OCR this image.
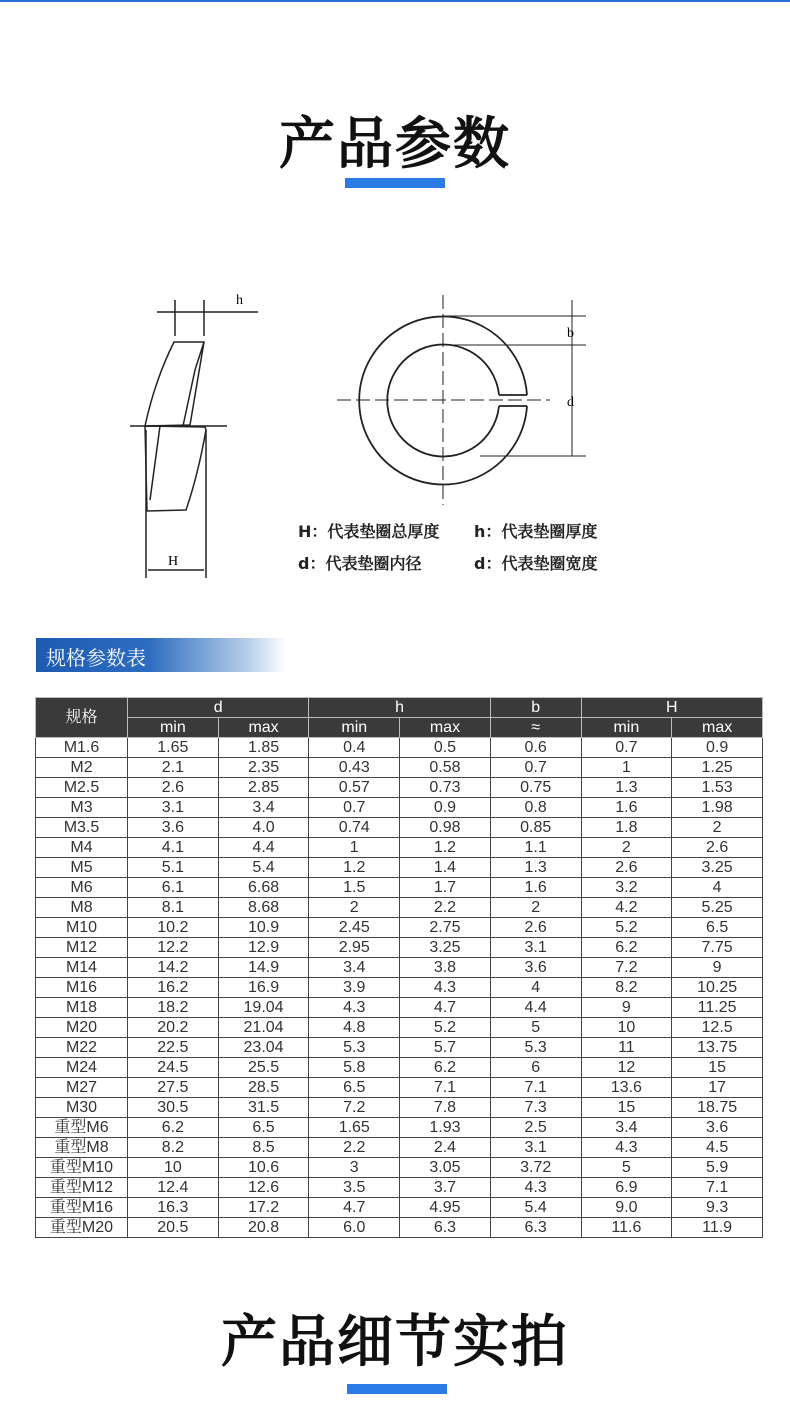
产品参数
h
H
b
d
H：代表垫圈总厚度 h：代表垫圈厚度
d：代表垫圈内径	d：代表垫圈宽度
规格参数表
规格	d		h		b	H	
	min	max	min	max	≈	min	max
M1.6	1.65	1.85	0.4	0.5	0.6	0.7	0.9
M2	2.1	2.35	0.43	0.58	0.7	1	1.25
M2.5	2.6	2.85	0.57	0.73	0.75	1.3	1.53
M3	3.1	3.4	0.7	0.9	0.8	1.6	1.98
M3.5	3.6	4.0	0.74	0.98	0.85	1.8	2
M4	4.1	4.4	1	1.2	1.1	2	2.6
M5	5.1	5.4	1.2	1.4	1.3	2.6	3.25
M6	6.1	6.68	1.5	1.7	1.6	3.2	4
M8	8.1	8.68	2	2.2	2	4.2	5.25
M10	10.2	10.9	2.45	2.75	2.6	5.2	6.5
M12	12.2	12.9	2.95	3.25	3.1	6.2	7.75
M14	14.2	14.9	3.4	3.8	3.6	7.2	9
M16	16.2	16.9	3.9	4.3	4	8.2	10.25
M18	18.2	19.04	4.3	4.7	4.4	9	11.25
M20	20.2	21.04	4.8	5.2	5	10	12.5
M22	22.5	23.04	5.3	5.7	5.3	11	13.75
M24	24.5	25.5	5.8	6.2	6	12	15
M27	27.5	28.5	6.5	7.1	7.1	13.6	17
M30	30.5	31.5	7.2	7.8	7.3	15	18.75
重型M6	6.2	6.5	1.65	1.93	2.5	3.4	3.6
重型M8	8.2	8.5	2.2	2.4	3.1	4.3	4.5
重型M10	10	10.6	3	3.05	3.72	5	5.9
重型M12	12.4	12.6	3.5	3.7	4.3	6.9	7.1
重型M16	16.3	17.2	4.7	4.95	5.4	9.0	9.3
重型M20	20.5	20.8	6.0	6.3	6.3	11.6	11.9
产品细节实拍
